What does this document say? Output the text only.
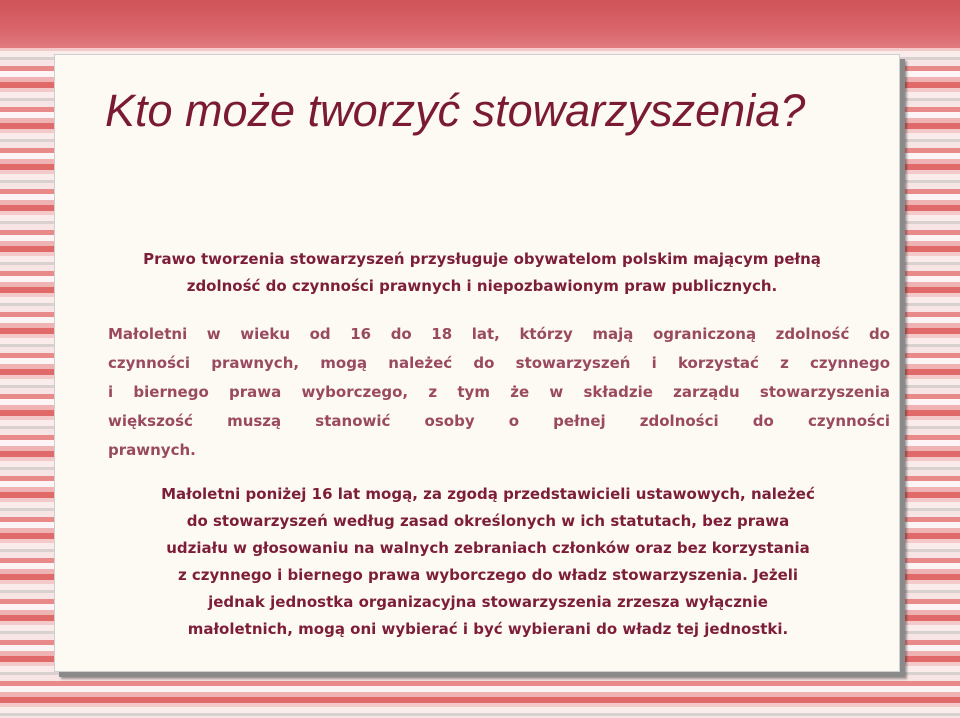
Kto może tworzyć stowarzyszenia?
Prawo tworzenia stowarzyszeń przysługuje obywatelom polskim mającym pełną
zdolność do czynności prawnych i niepozbawionym praw publicznych.
Małoletni w wieku od 16 do 18 lat, którzy mają ograniczoną zdolność do
czynności prawnych, mogą należeć do stowarzyszeń i korzystać z czynnego
i biernego prawa wyborczego, z tym że w składzie zarządu stowarzyszenia
większość muszą stanowić osoby o pełnej zdolności do czynności
prawnych.
Małoletni poniżej 16 lat mogą, za zgodą przedstawicieli ustawowych, należeć
do stowarzyszeń według zasad określonych w ich statutach, bez prawa
udziału w głosowaniu na walnych zebraniach członków oraz bez korzystania
z czynnego i biernego prawa wyborczego do władz stowarzyszenia. Jeżeli
jednak jednostka organizacyjna stowarzyszenia zrzesza wyłącznie
małoletnich, mogą oni wybierać i być wybierani do władz tej jednostki.
